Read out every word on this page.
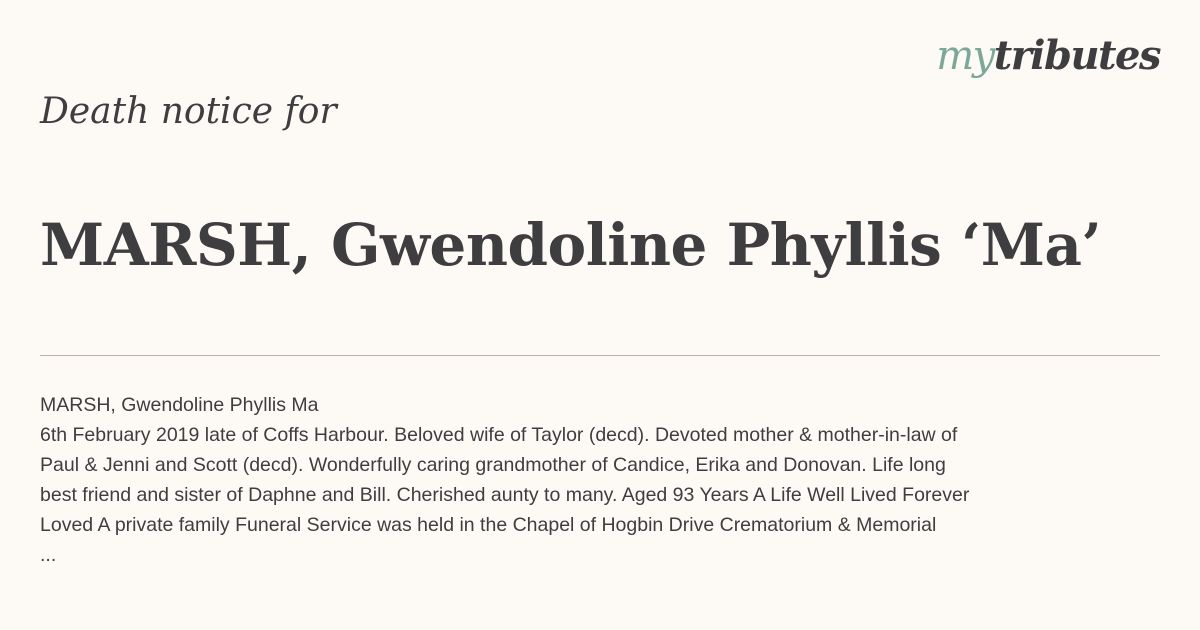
mytributes
Death notice for
MARSH, Gwendoline Phyllis ‘Ma’
MARSH, Gwendoline Phyllis Ma
6th February 2019 late of Coffs Harbour. Beloved wife of Taylor (decd). Devoted mother & mother-in-law of
Paul & Jenni and Scott (decd). Wonderfully caring grandmother of Candice, Erika and Donovan. Life long
best friend and sister of Daphne and Bill. Cherished aunty to many. Aged 93 Years A Life Well Lived Forever
Loved A private family Funeral Service was held in the Chapel of Hogbin Drive Crematorium & Memorial
...
